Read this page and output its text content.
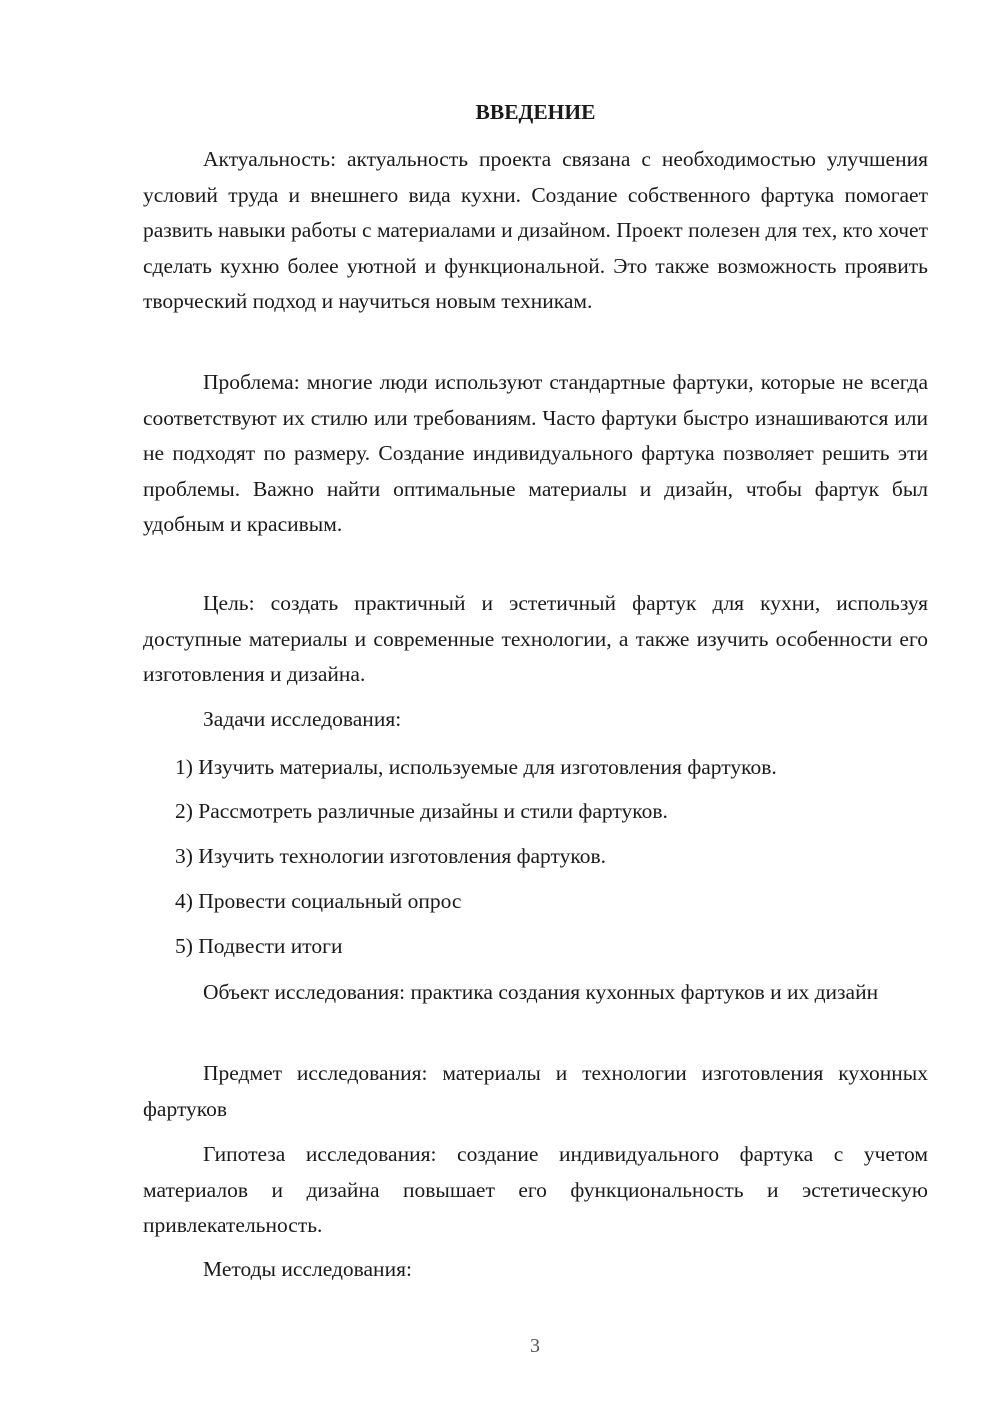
ВВЕДЕНИЕ
Актуальность: актуальность проекта связана с необходимостью улучшения условий труда и внешнего вида кухни. Создание собственного фартука помогает развить навыки работы с материалами и дизайном. Проект полезен для тех, кто хочет сделать кухню более уютной и функциональной. Это также возможность проявить творческий подход и научиться новым техникам.
Проблема: многие люди используют стандартные фартуки, которые не всегда соответствуют их стилю или требованиям. Часто фартуки быстро изнашиваются или не подходят по размеру. Создание индивидуального фартука позволяет решить эти проблемы. Важно найти оптимальные материалы и дизайн, чтобы фартук был удобным и красивым.
Цель: создать практичный и эстетичный фартук для кухни, используя доступные материалы и современные технологии, а также изучить особенности его изготовления и дизайна.
Задачи исследования:
1) Изучить материалы, используемые для изготовления фартуков.
2) Рассмотреть различные дизайны и стили фартуков.
3) Изучить технологии изготовления фартуков.
4) Провести социальный опрос
5) Подвести итоги
Объект исследования: практика создания кухонных фартуков и их дизайн
Предмет исследования: материалы и технологии изготовления кухонных фартуков
Гипотеза исследования: создание индивидуального фартука с учетом материалов и дизайна повышает его функциональность и эстетическую привлекательность.
Методы исследования:
3
